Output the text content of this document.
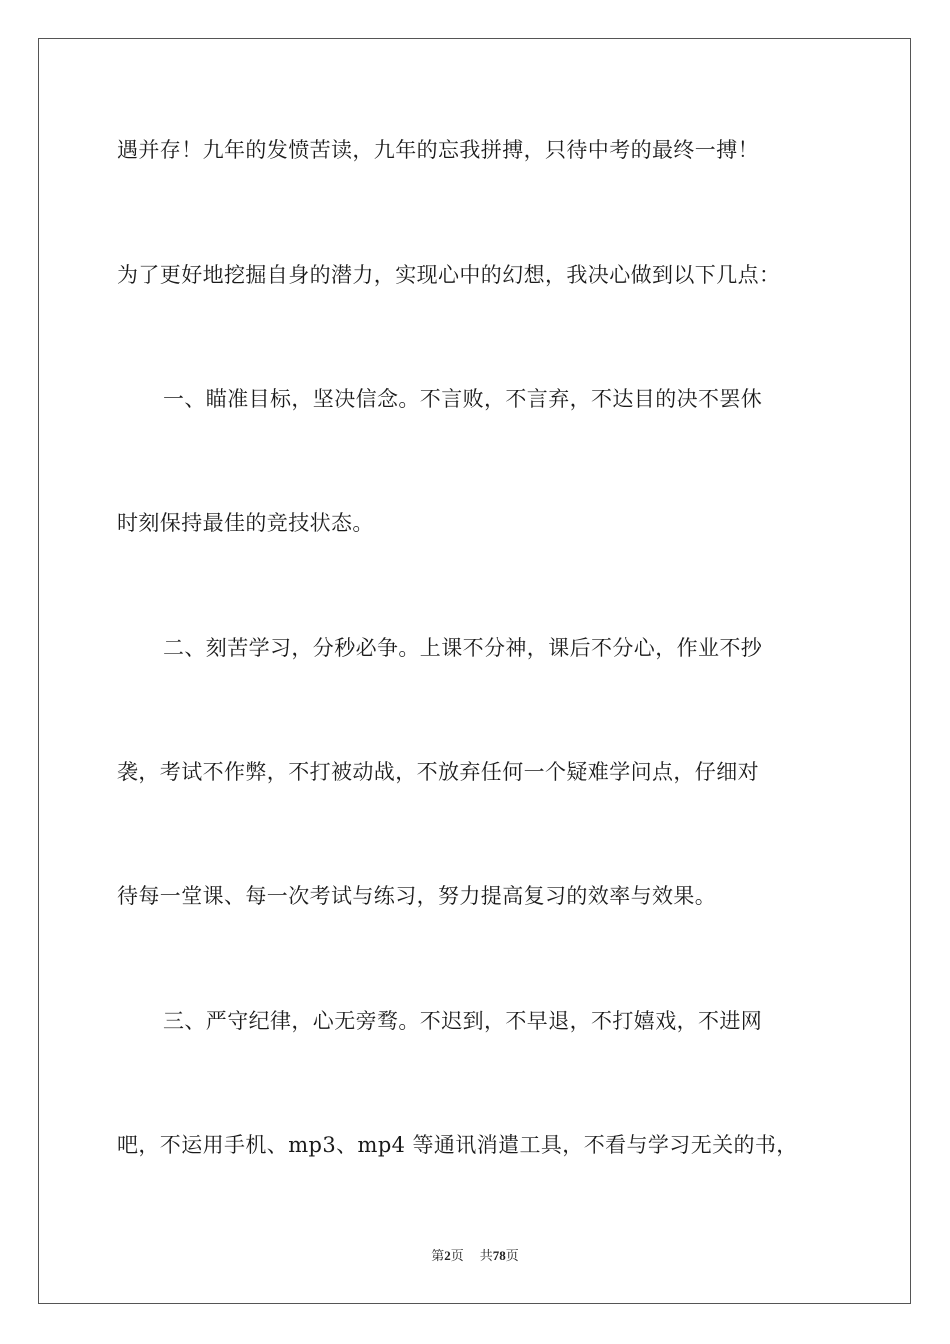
遇并存！九年的发愤苦读，九年的忘我拼搏，只待中考的最终一搏！
为了更好地挖掘自身的潜力，实现心中的幻想，我决心做到以下几点：
一、瞄准目标，坚决信念。不言败，不言弃，不达目的决不罢休
时刻保持最佳的竞技状态。
二、刻苦学习，分秒必争。上课不分神，课后不分心，作业不抄
袭，考试不作弊，不打被动战，不放弃任何一个疑难学问点，仔细对
待每一堂课、每一次考试与练习，努力提高复习的效率与效果。
三、严守纪律，心无旁骛。不迟到，不早退，不打嬉戏，不进网
吧，不运用手机、mp3、mp4 等通讯消遣工具，不看与学习无关的书，
第2页 共78页
